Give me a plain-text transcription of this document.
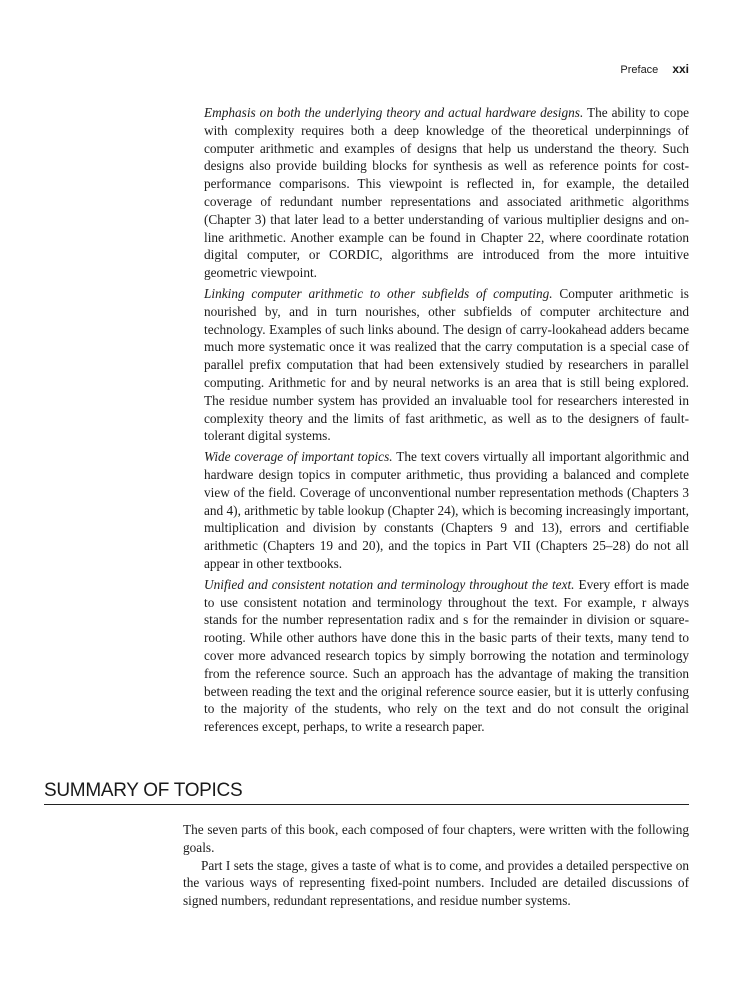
Preface xxi

Emphasis on both the underlying theory and actual hardware designs. The ability to cope with complexity requires both a deep knowledge of the theoretical underpinnings of computer arithmetic and examples of designs that help us understand the theory. Such designs also provide building blocks for synthesis as well as reference points for cost-performance comparisons. This viewpoint is reflected in, for example, the detailed coverage of redundant number representations and associated arithmetic algorithms (Chapter 3) that later lead to a better understanding of various multiplier designs and on-line arithmetic. Another example can be found in Chapter 22, where coordinate rotation digital computer, or CORDIC, algorithms are introduced from the more intuitive geometric viewpoint.

Linking computer arithmetic to other subfields of computing. Computer arithmetic is nourished by, and in turn nourishes, other subfields of computer architecture and technology. Examples of such links abound. The design of carry-lookahead adders became much more systematic once it was realized that the carry computation is a special case of parallel prefix computation that had been extensively studied by researchers in parallel computing. Arithmetic for and by neural networks is an area that is still being explored. The residue number system has provided an invaluable tool for researchers interested in complexity theory and the limits of fast arithmetic, as well as to the designers of fault-tolerant digital systems.

Wide coverage of important topics. The text covers virtually all important algorithmic and hardware design topics in computer arithmetic, thus providing a balanced and complete view of the field. Coverage of unconventional number representation methods (Chapters 3 and 4), arithmetic by table lookup (Chapter 24), which is becoming increasingly important, multiplication and division by constants (Chapters 9 and 13), errors and certifiable arithmetic (Chapters 19 and 20), and the topics in Part VII (Chapters 25–28) do not all appear in other textbooks.

Unified and consistent notation and terminology throughout the text. Every effort is made to use consistent notation and terminology throughout the text. For example, r always stands for the number representation radix and s for the remainder in division or square-rooting. While other authors have done this in the basic parts of their texts, many tend to cover more advanced research topics by simply borrowing the notation and terminology from the reference source. Such an approach has the advantage of making the transition between reading the text and the original reference source easier, but it is utterly confusing to the majority of the students, who rely on the text and do not consult the original references except, perhaps, to write a research paper.

SUMMARY OF TOPICS

The seven parts of this book, each composed of four chapters, were written with the following goals.

Part I sets the stage, gives a taste of what is to come, and provides a detailed perspective on the various ways of representing fixed-point numbers. Included are detailed discussions of signed numbers, redundant representations, and residue number systems.
